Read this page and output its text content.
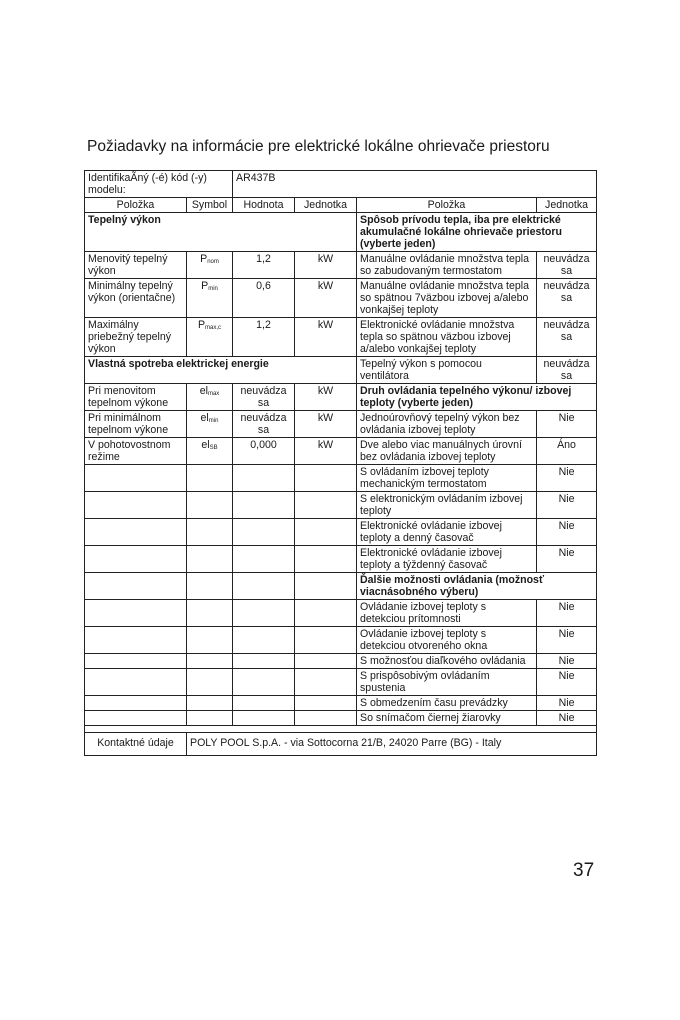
Požiadavky na informácie pre elektrické lokálne ohrievače priestoru
IdentifikaÃný (-é) kód (-y) modelu:		AR437B			
Položka	Symbol	Hodnota	Jednotka	Položka	Jednotka
Tepelný výkon				Spôsob prívodu tepla, iba pre elektrické akumulačné lokálne ohrievače priestoru (vyberte jeden)	
Menovitý tepelný výkon	Pnom	1,2	kW	Manuálne ovládanie množstva tepla so zabudovaným termostatom	neuvádza sa
Minimálny tepelný výkon (orientačne)	Pmin	0,6	kW	Manuálne ovládanie množstva tepla so spätnou 7väzbou izbovej a/alebo vonkajšej teploty	neuvádza sa
Maximálny priebežný tepelný výkon	Pmax,c	1,2	kW	Elektronické ovládanie množstva tepla so spätnou väzbou izbovej a/alebo vonkajšej teploty	neuvádza sa
Vlastná spotreba elektrickej energie				Tepelný výkon s pomocou ventilátora	neuvádza sa
Pri menovitom tepelnom výkone	elmax	neuvádza sa	kW	Druh ovládania tepelného výkonu/ izbovej teploty (vyberte jeden)	
Pri minimálnom tepelnom výkone	elmin	neuvádza sa	kW	Jednoúrovňový tepelný výkon bez ovládania izbovej teploty	Nie
V pohotovostnom režime	elSB	0,000	kW	Dve alebo viac manuálnych úrovní bez ovládania izbovej teploty	Áno
				S ovládaním izbovej teploty mechanickým termostatom	Nie
				S elektronickým ovládaním izbovej teploty	Nie
				Elektronické ovládanie izbovej teploty a denný časovač	Nie
				Elektronické ovládanie izbovej teploty a týždenný časovač	Nie
				Ďalšie možnosti ovládania (možnosť viacnásobného výberu)	
				Ovládanie izbovej teploty s detekciou prítomnosti	Nie
				Ovládanie izbovej teploty s detekciou otvoreného okna	Nie
				S možnosťou diaľkového ovládania	Nie
				S prispôsobivým ovládaním spustenia	Nie
				S obmedzením času prevádzky	Nie
				So snímačom čiernej žiarovky	Nie

Kontaktné údaje	POLY POOL S.p.A. - via Sottocorna 21/B, 24020 Parre (BG) - Italy				
37
